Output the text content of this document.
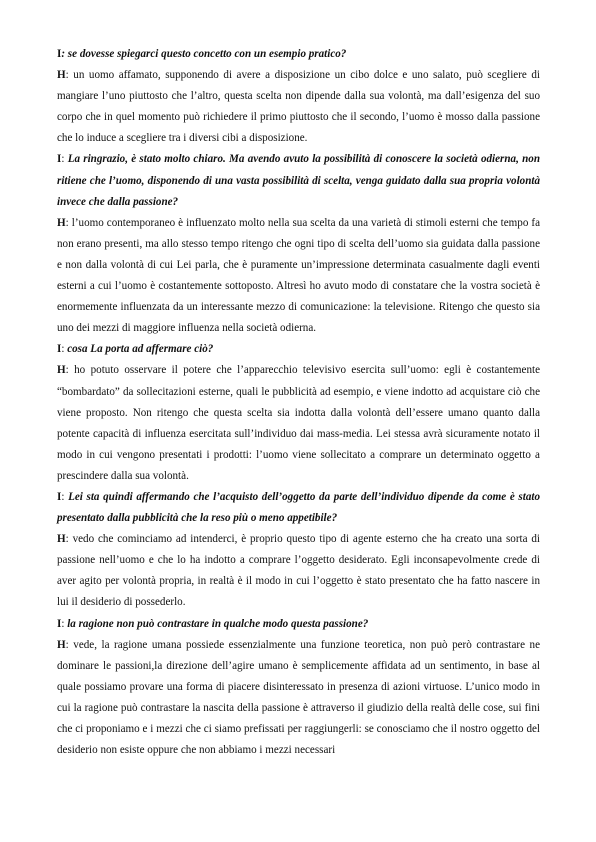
I: se dovesse spiegarci questo concetto con un esempio pratico?

H: un uomo affamato, supponendo di avere a disposizione un cibo dolce e uno salato, può scegliere di mangiare l’uno piuttosto che l’altro, questa scelta non dipende dalla sua volontà, ma dall’esigenza del suo corpo che in quel momento può richiedere il primo piuttosto che il secondo, l’uomo è mosso dalla passione che lo induce a scegliere tra i diversi cibi a disposizione.

I: La ringrazio, è stato molto chiaro. Ma avendo avuto la possibilità di conoscere la società odierna, non ritiene che l’uomo, disponendo di una vasta possibilità di scelta, venga guidato dalla sua propria volontà invece che dalla passione?

H: l’uomo contemporaneo è influenzato molto nella sua scelta da una varietà di stimoli esterni che tempo fa non erano presenti, ma allo stesso tempo ritengo che ogni tipo di scelta dell’uomo sia guidata dalla passione e non dalla volontà di cui Lei parla, che è puramente un’impressione determinata casualmente dagli eventi esterni a cui l’uomo è costantemente sottoposto. Altresì ho avuto modo di constatare che la vostra società è enormemente influenzata da un interessante mezzo di comunicazione: la televisione. Ritengo che questo sia uno dei mezzi di maggiore influenza nella società odierna.

I: cosa La porta ad affermare ciò?

H: ho potuto osservare il potere che l’apparecchio televisivo esercita sull’uomo: egli è costantemente “bombardato” da sollecitazioni esterne, quali le pubblicità ad esempio, e viene indotto ad acquistare ciò che viene proposto. Non ritengo che questa scelta sia indotta dalla volontà dell’essere umano quanto dalla potente capacità di influenza esercitata sull’individuo dai mass-media. Lei stessa avrà sicuramente notato il modo in cui vengono presentati i prodotti: l’uomo viene sollecitato a comprare un determinato oggetto a prescindere dalla sua volontà.

I: Lei sta quindi affermando che l’acquisto dell’oggetto da parte dell’individuo dipende da come è stato presentato dalla pubblicità che la reso più o meno appetibile?

H: vedo che cominciamo ad intenderci, è proprio questo tipo di agente esterno che ha creato una sorta di passione nell’uomo e che lo ha indotto a comprare l’oggetto desiderato. Egli inconsapevolmente crede di aver agito per volontà propria, in realtà è il modo in cui l’oggetto è stato presentato che ha fatto nascere in lui il desiderio di possederlo.

I: la ragione non può contrastare in qualche modo questa passione?

H: vede, la ragione umana possiede essenzialmente una funzione teoretica, non può però contrastare ne dominare le passioni,la direzione dell’agire umano è semplicemente affidata ad un sentimento, in base al quale possiamo provare una forma di piacere disinteressato in presenza di azioni virtuose. L’unico modo in cui la ragione può contrastare la nascita della passione è attraverso il giudizio della realtà delle cose, sui fini che ci proponiamo e i mezzi che ci siamo prefissati per raggiungerli: se conosciamo che il nostro oggetto del desiderio non esiste oppure che non abbiamo i mezzi necessari
